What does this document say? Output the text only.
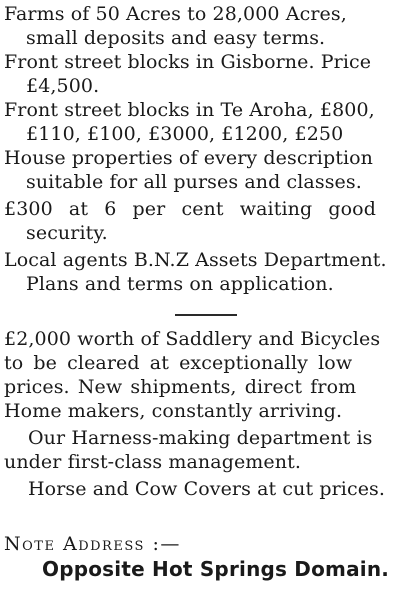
Farms of 50 Acres to 28,000 Acres,
small deposits and easy terms.
Front street blocks in Gisborne. Price
£4,500.
Front street blocks in Te Aroha, £800,
£110, £100, £3000, £1200, £250
House properties of every description
suitable for all purses and classes.
£300 at 6 per cent waiting good
security.
Local agents B.N.Z Assets Department.
Plans and terms on application.
£2,000 worth of Saddlery and Bicycles
to be cleared at exceptionally low
prices. New shipments, direct from
Home makers, constantly arriving.
Our Harness-making department is
under first-class management.
Horse and Cow Covers at cut prices.
Note Address :—
Opposite Hot Springs Domain.
